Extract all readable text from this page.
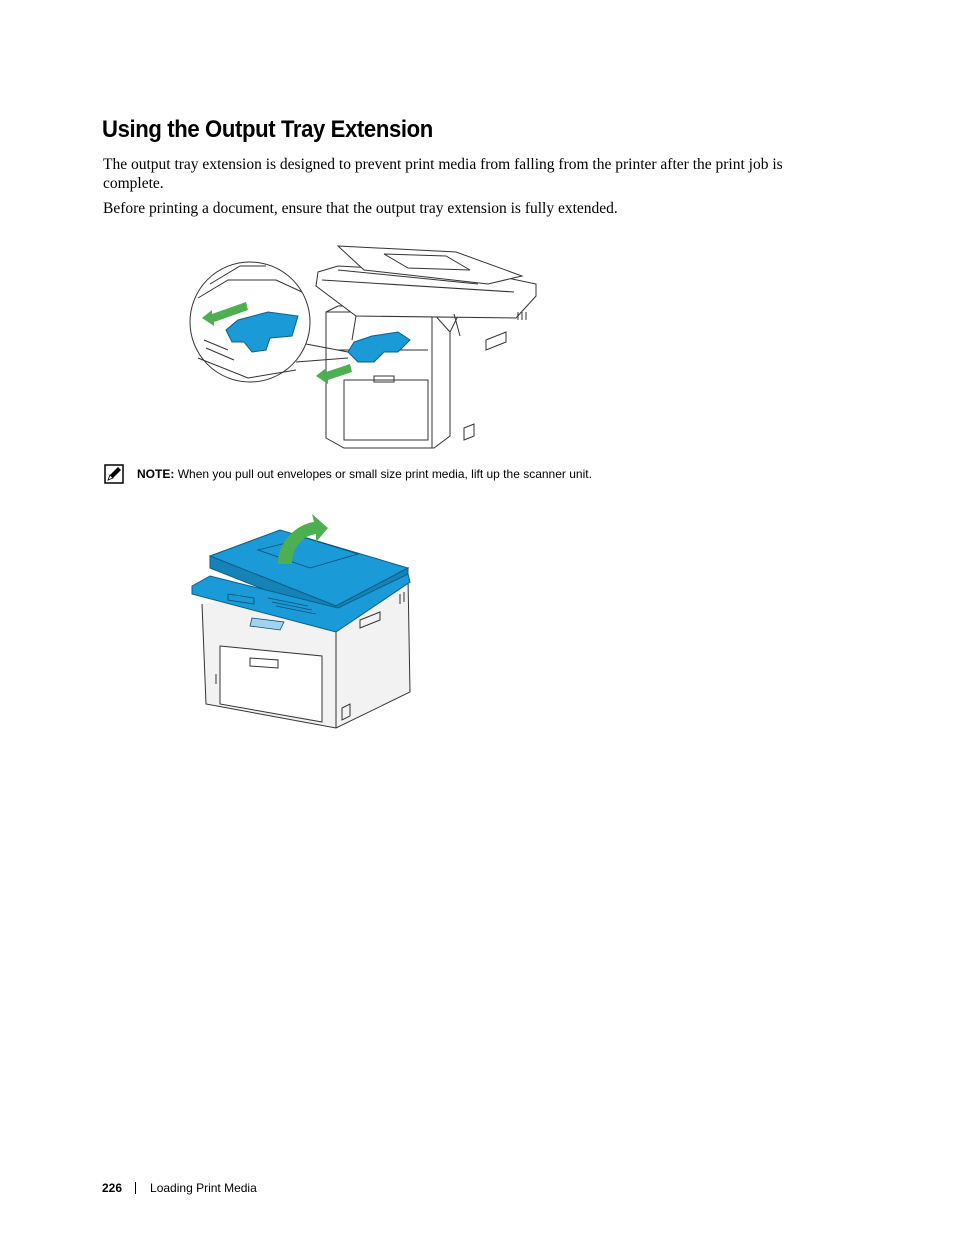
Using the Output Tray Extension
The output tray extension is designed to prevent print media from falling from the printer after the print job is complete.
Before printing a document, ensure that the output tray extension is fully extended.
NOTE: When you pull out envelopes or small size print media, lift up the scanner unit.
226 Loading Print Media
